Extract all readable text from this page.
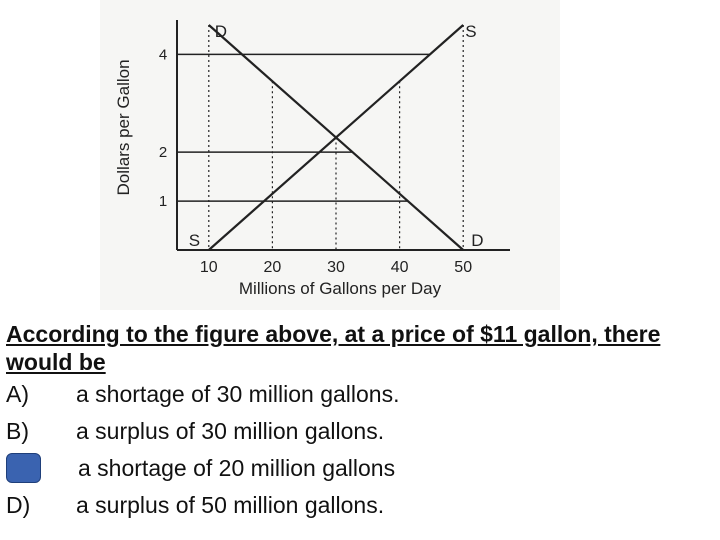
D
D
S
S
1
2
4
10	20	30	40	50
Millions of Gallons per Day
Dollars per Gallon
According to the figure above, at a price of $11 gallon, there would be
A) a shortage of 30 million gallons.
B) a surplus of 30 million gallons.
a shortage of 20 million gallons
D) a surplus of 50 million gallons.
